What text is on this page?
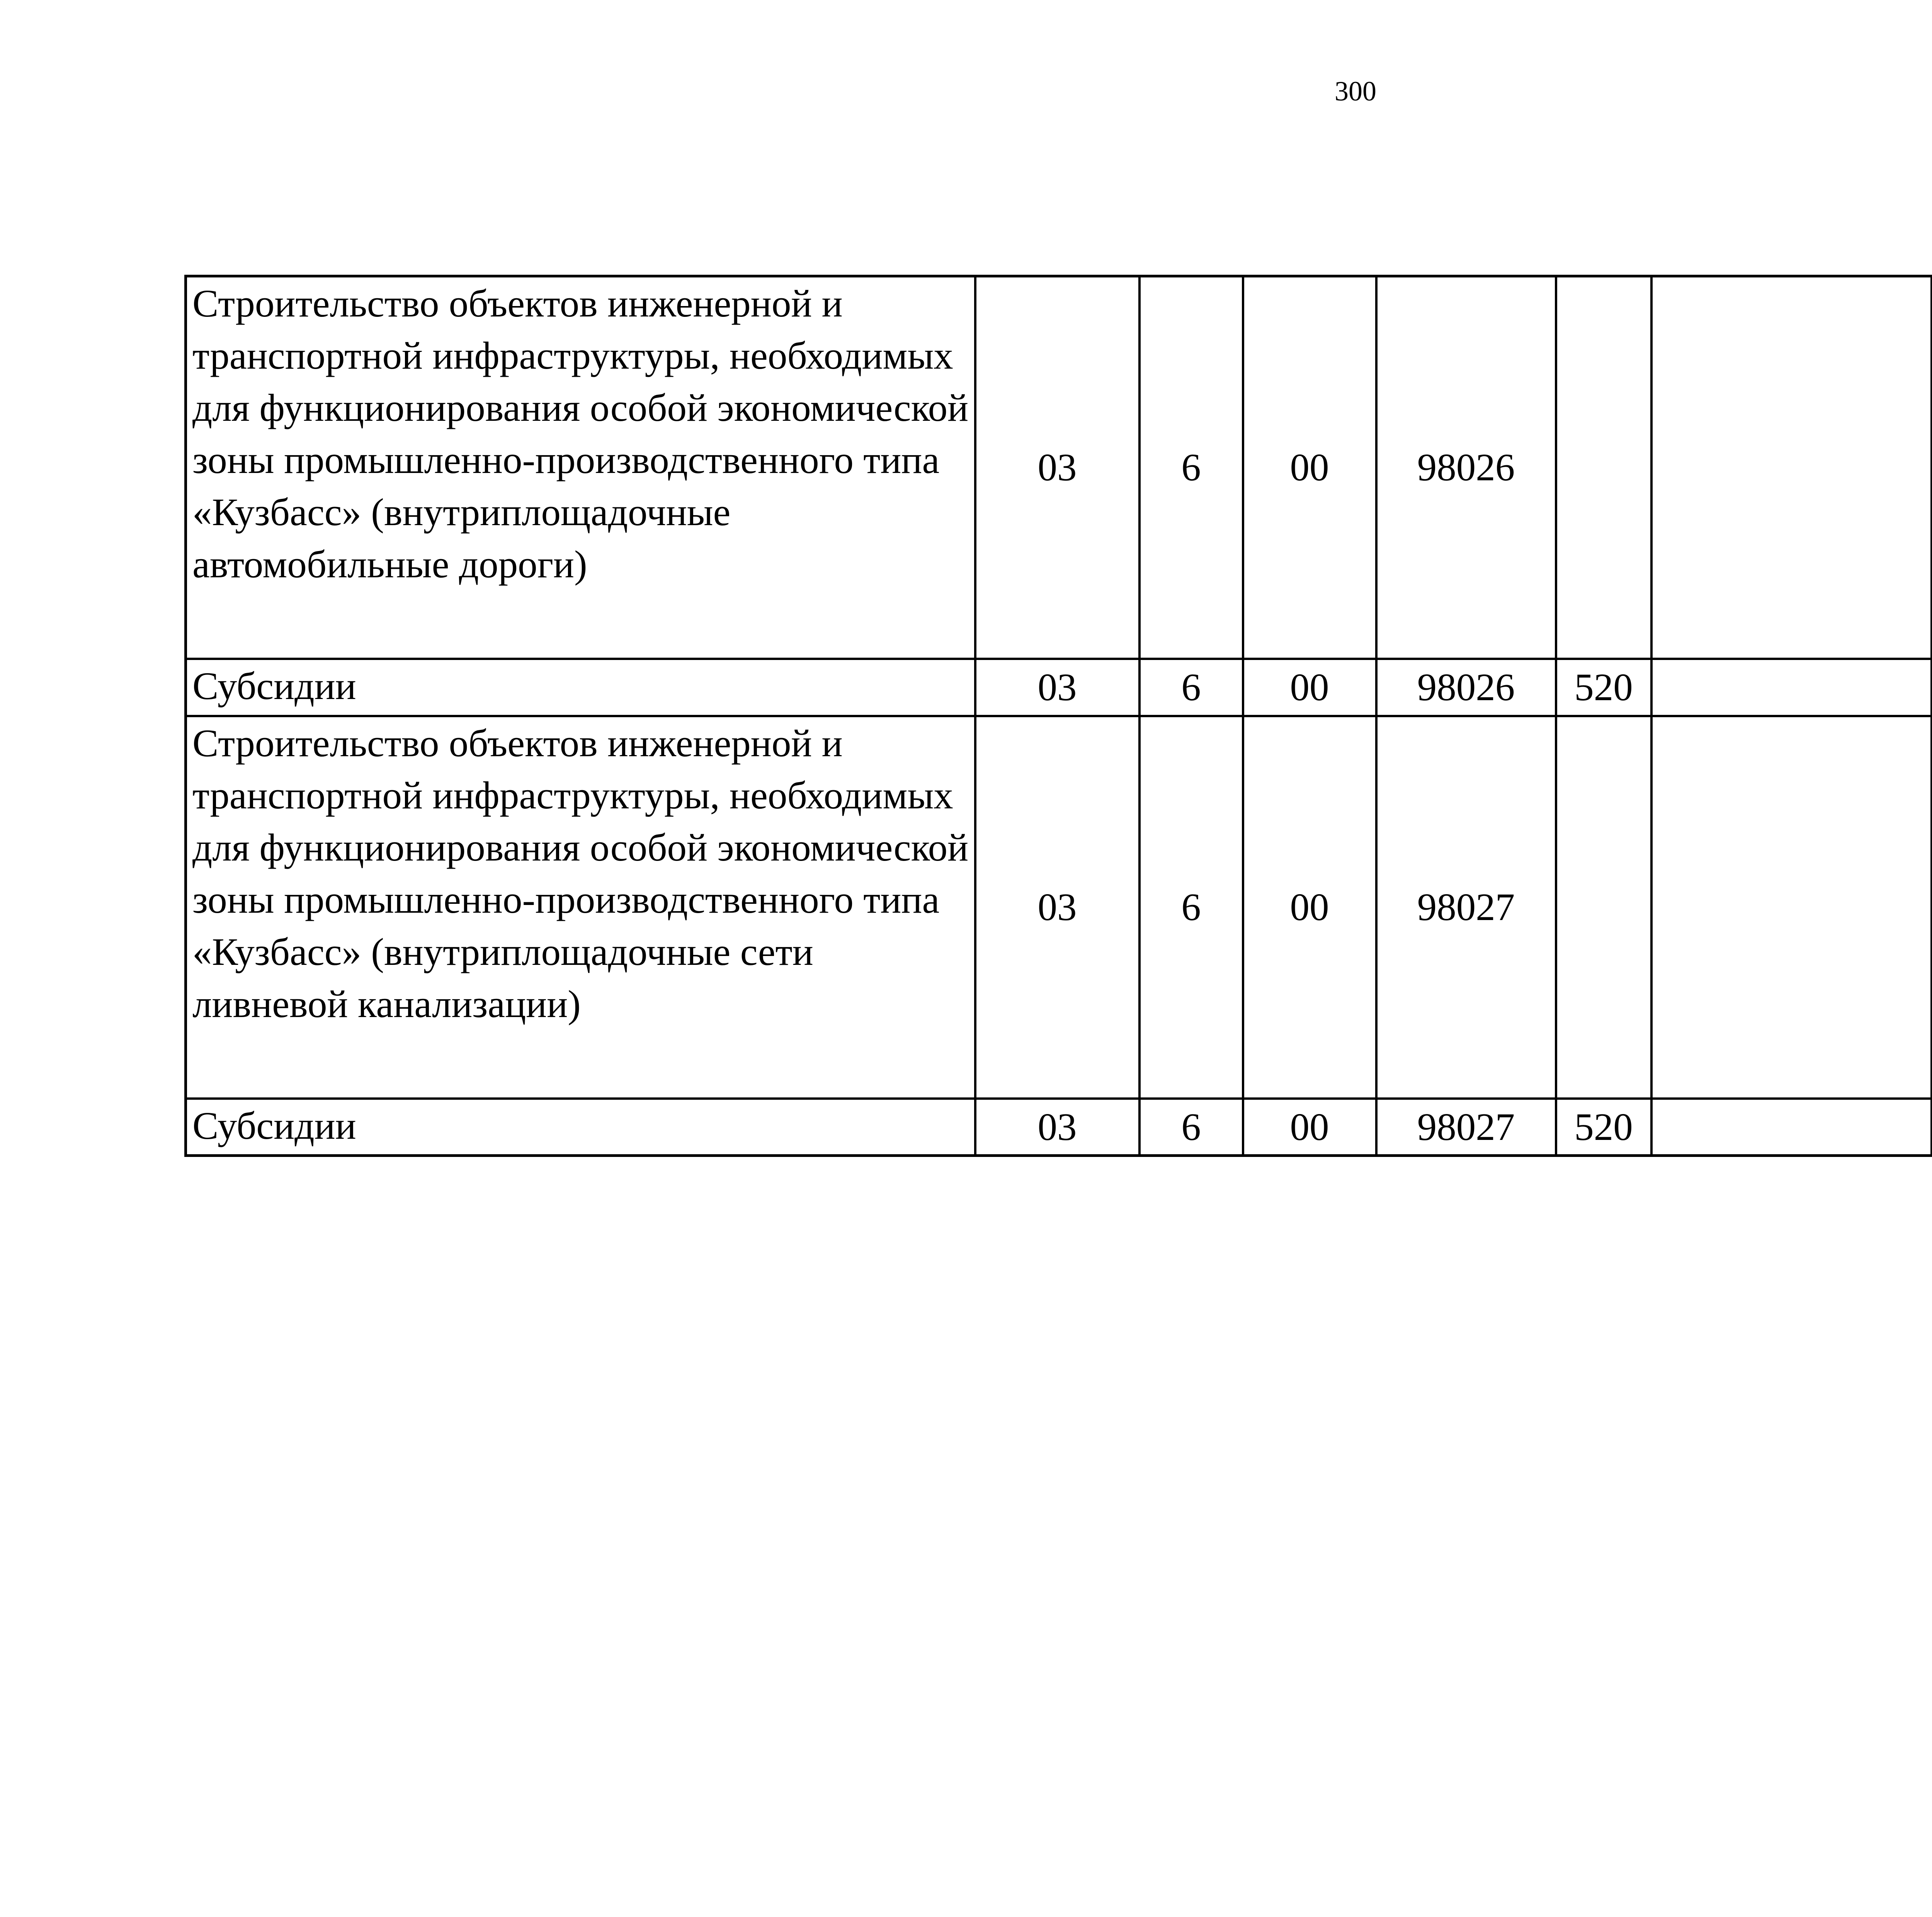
300
Строительство объектов инженерной и транспортной инфраструктуры, необходимых для функционирования особой экономической зоны промышленно-производственного типа «Кузбасс» (внутриплощадочные автомобильные дороги)	03	6	00	98026				
Субсидии	03	6	00	98026	520			
Строительство объектов инженерной и транспортной инфраструктуры, необходимых для функционирования особой экономической зоны промышленно-производственного типа «Кузбасс» (внутриплощадочные сети ливневой канализации)	03	6	00	98027				
Субсидии	03	6	00	98027	520			
